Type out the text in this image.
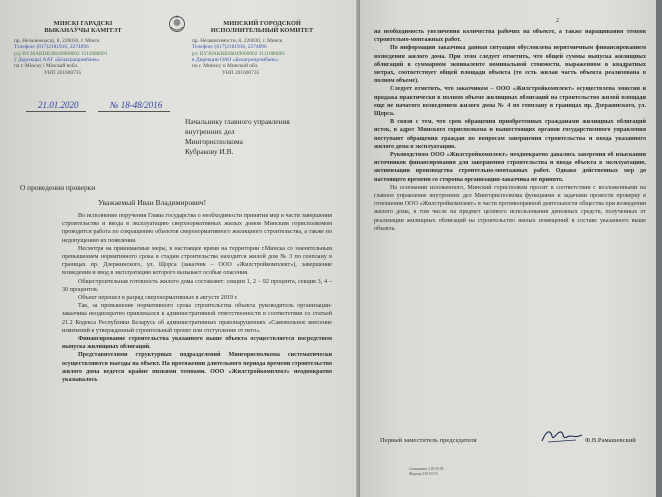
МІНСКІ ГАРАДСКІ
ВЫКАНАЎЧЫ КАМІТЭТ
пр. Незалежнасці, 8, 220030, г. Мінск
Тэлефон: (017)2181916, 2274896
р/р BY38AKBB36049000002 1111080001
ў Дырэкцыі ААТ «Белаграпрамбанк»
па г. Мінску і Мінскай вобл.
УНП 201000735
МИНСКИЙ ГОРОДСКОЙ
ИСПОЛНИТЕЛЬНЫЙ КОМИТЕТ
пр. Независимости, 8, 220030, г. Минск
Телефон: (017)2181916, 2274896
р/с BY38AKBB36049000002 1111080001
в Дирекции ОАО «Белагропромбанк»
по г. Минску и Минской обл.
УНП 201000735
21.01.2020	№ 18-48/2016
Начальнику главного управления
внутренних дел
Мингорисполкома
Кубракову И.В.
О проведении проверки
Уважаемый Иван Владимирович!

Во исполнение поручения Главы государства о необходимости принятия мер в части завершения строительства и ввода в эксплуатацию сверхнормативных жилых домов Минским горисполкомом проводится работа по сокращению объектов сверхнормативного жилищного строительства, а также по недопущению их появления.

Несмотря на принимаемые меры, в настоящее время на территории г.Минска со значительным превышением нормативного срока в стадии строительства находится жилой дом № 3 по генплану в границах пр. Дзержинского, ул. Щорса (заказчик – ООО «Жилстройкомплект»), завершение возведения и ввод в эксплуатацию которого вызывает особые опасения.

Общестроительная готовность жилого дома составляет: секции 1, 2 – 92 процента, секция 3, 4 – 30 процентов.

Объект перешел в разряд сверхнормативных в августе 2019 г.

Так, за превышение нормативного срока строительства объекта руководитель организации-заказчика неоднократно привлекался к административной ответственности в соответствии со статьей 21.2 Кодекса Республики Беларусь об административных правонарушениях «Самовольное внесение изменений в утвержденный строительный проект или отступление от него».

Финансирование строительства указанного выше объекта осуществляется посредством выпуска жилищных облигаций.

Представителями структурных подразделений Мингорисполкома систематически осуществляются выезды на объект. На протяжении длительного периода времени строительство жилого дома ведется крайне низкими темпами. ООО «Жилстройкомплект» неоднократно указывалось

на необходимость увеличения количества рабочих на объекте, а также наращивания темпов строительно-монтажных работ.

По информации заказчика данная ситуация обусловлена неритмичным финансированием возведения жилого дома. При этом следует отметить, что общей суммы выпуска жилищных облигаций в суммарном эквиваленте номинальной стоимости, выраженном в квадратных метрах, соответствует общей площади объекта (то есть жилая часть объекта реализована в полном объеме).

Следует отметить, что заказчиком – ООО «Жилстройкомплект» осуществлена эмиссия и продажа практически в полном объеме жилищных облигаций на строительство жилой площади еще не начатого возведением жилого дома № 4 по генплану в границах пр. Дзержинского, ул. Щорса.

В связи с тем, что срок обращения приобретенных гражданами жилищных облигаций истек, в адрес Минского горисполкома и вышестоящих органов государственного управления поступают обращения граждан по вопросам завершения строительства и ввода указанного жилого дома в эксплуатацию.

Руководством ООО «Жилстройкомплект» неоднократно давались заверения об изыскании источников финансирования для завершения строительства и ввода объекта в эксплуатацию, активизации производства строительно-монтажных работ. Однако действенных мер до настоящего времени со стороны организации-заказчика не принято.

На основании изложенного, Минский горисполком просит в соответствии с возложенными на главное управление внутренних дел Мингорисполкома функциями и задачами провести проверку в отношении ООО «Жилстройкомплект» в части противоправной деятельности общества при возведении жилого дома, в том числе на предмет целевого использования денежных средств, полученных от реализации жилищных облигаций на строительство жилых помещений в составе указанного выше объекта.

2
Первый заместитель председателя	Ф.В.Рамашевский
Симанович 218 03 00
Жорова 218 03 53
